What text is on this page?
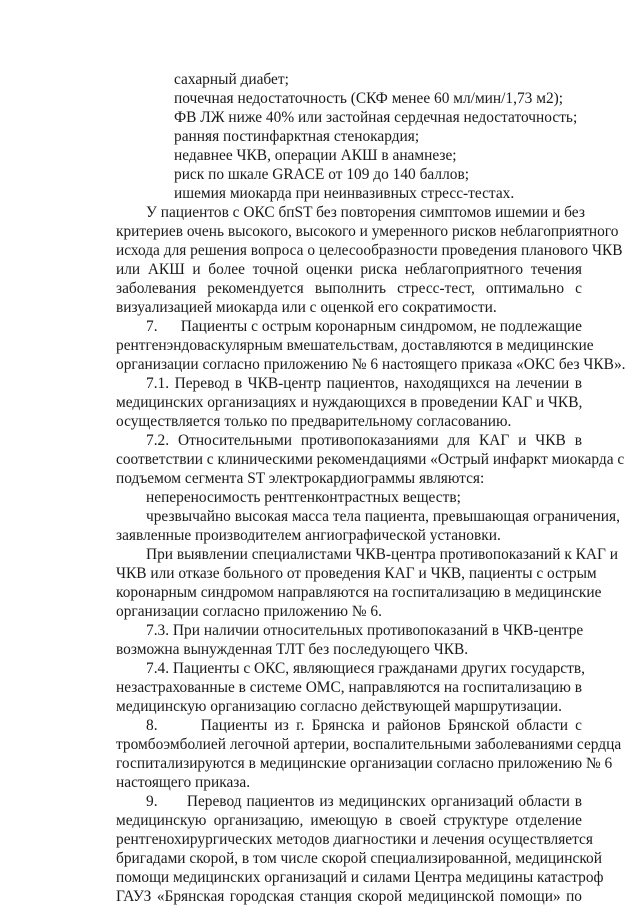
сахарный диабет;
почечная недостаточность (СКФ менее 60 мл/мин/1,73 м2);
ФВ ЛЖ ниже 40% или застойная сердечная недостаточность;
ранняя постинфарктная стенокардия;
недавнее ЧКВ, операции АКШ в анамнезе;
риск по шкале GRACE от 109 до 140 баллов;
ишемия миокарда при неинвазивных стресс-тестах.
У пациентов с ОКС бпST без повторения симптомов ишемии и без
критериев очень высокого, высокого и умеренного рисков неблагоприятного
исхода для решения вопроса о целесообразности проведения планового ЧКВ
или АКШ и более точной оценки риска неблагоприятного течения
заболевания рекомендуется выполнить стресс-тест, оптимально с
визуализацией миокарда или с оценкой его сократимости.
7.      Пациенты с острым коронарным синдромом, не подлежащие
рентгенэндоваскулярным вмешательствам, доставляются в медицинские
организации согласно приложению № 6 настоящего приказа «ОКС без ЧКВ».
7.1. Перевод в ЧКВ-центр пациентов, находящихся на лечении в
медицинских организациях и нуждающихся в проведении КАГ и ЧКВ,
осуществляется только по предварительному согласованию.
7.2. Относительными противопоказаниями для КАГ и ЧКВ в
соответствии с клиническими рекомендациями «Острый инфаркт миокарда с
подъемом сегмента ST электрокардиограммы являются:
непереносимость рентгенконтрастных веществ;
чрезвычайно высокая масса тела пациента, превышающая ограничения,
заявленные производителем ангиографической установки.
При выявлении специалистами ЧКВ-центра противопоказаний к КАГ и
ЧКВ или отказе больного от проведения КАГ и ЧКВ, пациенты с острым
коронарным синдромом направляются на госпитализацию в медицинские
организации согласно приложению № 6.
7.3. При наличии относительных противопоказаний в ЧКВ-центре
возможна вынужденная ТЛТ без последующего ЧКВ.
7.4. Пациенты с ОКС, являющиеся гражданами других государств,
незастрахованные в системе ОМС, направляются на госпитализацию в
медицинскую организацию согласно действующей маршрутизации.
8.      Пациенты из г. Брянска и районов Брянской области с
тромбоэмболией легочной артерии, воспалительными заболеваниями сердца
госпитализируются в медицинские организации согласно приложению № 6
настоящего приказа.
9.      Перевод пациентов из медицинских организаций области в
медицинскую организацию, имеющую в своей структуре отделение
рентгенохирургических методов диагностики и лечения осуществляется
бригадами скорой, в том числе скорой специализированной, медицинской
помощи медицинских организаций и силами Центра медицины катастроф
ГАУЗ «Брянская городская станция скорой медицинской помощи» по
